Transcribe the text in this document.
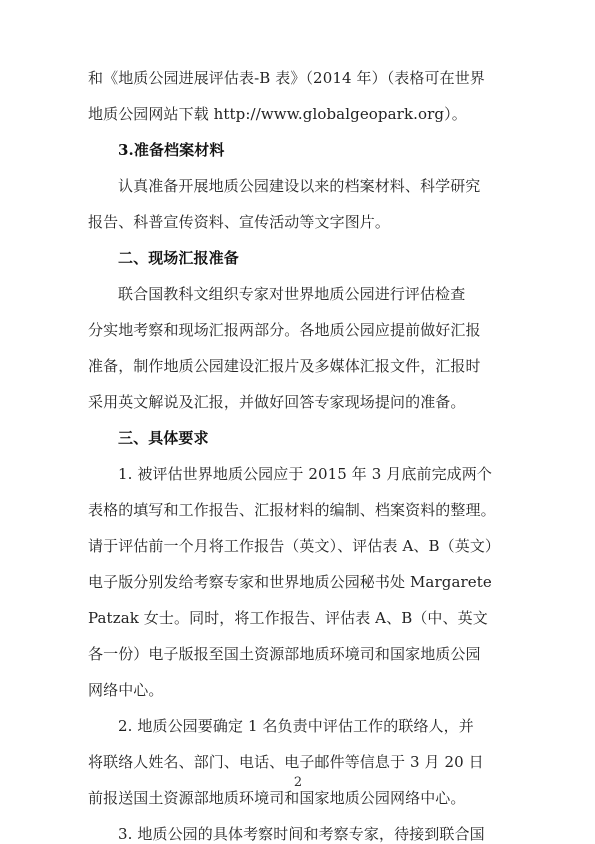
和《地质公园进展评估表-B 表》（2014 年）（表格可在世界
地质公园网站下载 http://www.globalgeopark.org）。
3.准备档案材料
认真准备开展地质公园建设以来的档案材料、科学研究
报告、科普宣传资料、宣传活动等文字图片。
二、现场汇报准备
联合国教科文组织专家对世界地质公园进行评估检查
分实地考察和现场汇报两部分。各地质公园应提前做好汇报
准备，制作地质公园建设汇报片及多媒体汇报文件，汇报时
采用英文解说及汇报，并做好回答专家现场提问的准备。
三、具体要求
1. 被评估世界地质公园应于 2015 年 3 月底前完成两个
表格的填写和工作报告、汇报材料的编制、档案资料的整理。
请于评估前一个月将工作报告（英文）、评估表 A、B（英文）
电子版分别发给考察专家和世界地质公园秘书处 Margarete
Patzak 女士。同时，将工作报告、评估表 A、B（中、英文
各一份）电子版报至国土资源部地质环境司和国家地质公园
网络中心。
2. 地质公园要确定 1 名负责中评估工作的联络人，并
将联络人姓名、部门、电话、电子邮件等信息于 3 月 20 日
前报送国土资源部地质环境司和国家地质公园网络中心。
3. 地质公园的具体考察时间和考察专家，待接到联合国
2
